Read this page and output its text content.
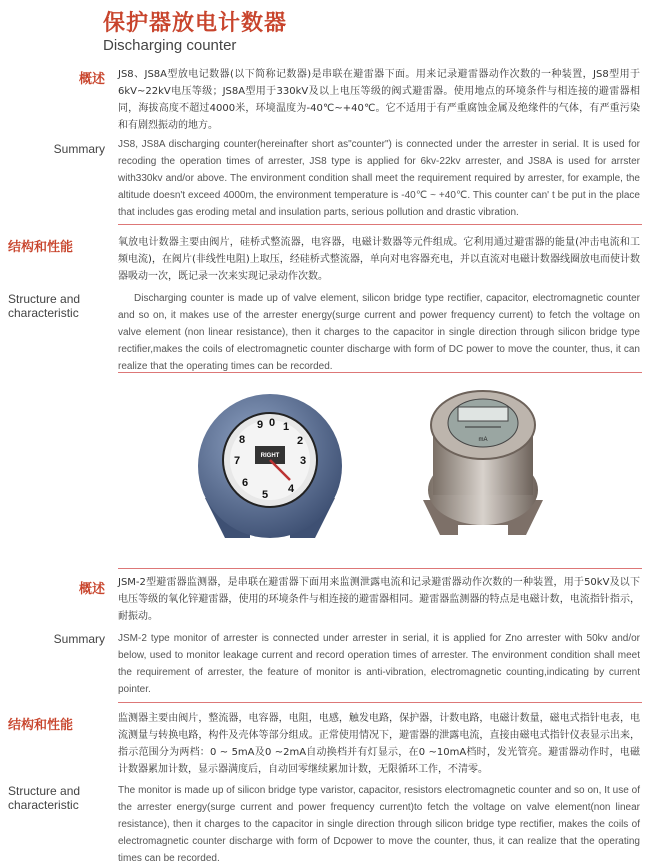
保护器放电计数器
Discharging counter
概述 JS8、JS8A型放电记数器(以下简称记数器)是串联在避雷器下面。用来记录避雷器动作次数的一种装置，JS8型用于6kV~22kV电压等级；JS8A型用于330kV及以上电压等级的阀式避雷器。使用地点的环境条件与相连接的避雷器相同，海拔高度不超过4000米，环境温度为-40℃~+40℃。它不适用于有严重腐蚀金属及绝缘件的气体，有严重污染和有剧烈振动的地方。
Summary JS8, JS8A discharging counter(hereinafter short as"counter") is connected under the arrester in serial. It is used for recoding the operation times of arrester, JS8 type is applied for 6kv-22kv arrester, and JS8A is used for arrster with330kv and/or above. The environment condition shall meet the requirement required by arrester, for example, the altitude doesn't exceed 4000m, the environment temperature is -40℃ ~ +40℃. This counter can' t be put in the place that includes gas eroding metal and insulation parts, serious pollution and drastic vibration.
结构和性能	氧放电计数器主要由阀片，硅桥式整流器，电容器，电磁计数器等元件组成。它利用通过避雷器的能量(冲击电流和工频电流)，在阀片(非线性电阻)上取压，经硅桥式整流器，单向对电容器充电，并以直流对电磁计数器线圈放电而使计数器吸动一次，既记录一次来实现记录动作次数。
Structure and
characteristic
Discharging counter is made up of valve element, silicon bridge type rectifier, capacitor, electromagnetic counter and so on, it makes use of the arrester energy(surge current and power frequency current) to fetch the voltage on valve element (non linear resistance), then it charges to the capacitor in single direction through silicon bridge type rectifier,makes the coils of electromagnetic counter discharge with form of DC power to move the counter, thus, it can realize that the operating times can be recorded.
RIGHT
9 0 1
8	2
7	3
6
5 4
mA
概述 JSM-2型避雷器监测器，是串联在避雷器下面用来监测泄露电流和记录避雷器动作次数的一种装置，用于50kV及以下电压等级的氧化锌避雷器，使用的环境条件与相连接的避雷器相同。避雷器监测器的特点是电磁计数，电流指针指示，耐振动。
Summary JSM-2 type monitor of arrester is connected under arrester in serial, it is applied for Zno arrester with 50kv and/or below, used to monitor leakage current and record operation times of arrester. The environment condition shall meet the requirement of arrester, the feature of monitor is anti-vibration, electromagnetic counting,indicating by current pointer.
结构和性能	监测器主要由阀片，整流器，电容器，电阻，电感，触发电路，保护器，计数电路，电磁计数量，磁电式指针电表，电流测量与转换电路，构件及壳体等部分组成。正常使用情况下，避雷器的泄露电流，直接由磁电式指针仪表显示出来，指示范围分为两档：0 ~ 5mA及0 ~2mA自动换档并有灯显示，在0 ~10mA档时，发光管亮。避雷器动作时，电磁计数器累加计数，显示器满度后，自动回零继续累加计数，无限循环工作，不清零。
Structure and
characteristic
The monitor is made up of silicon bridge type varistor, capacitor, resistors electromagnetic counter and so on, It use of the arrester energy(surge current and power frequency current)to fetch the voltage on valve element(non linear resistance), then it charges to the capacitor in single direction through silicon bridge type rectifier, makes the coils of electromagnetic counter discharge with form of Dcpower to move the counter, thus, it can realize that the operating times can be recorded.
